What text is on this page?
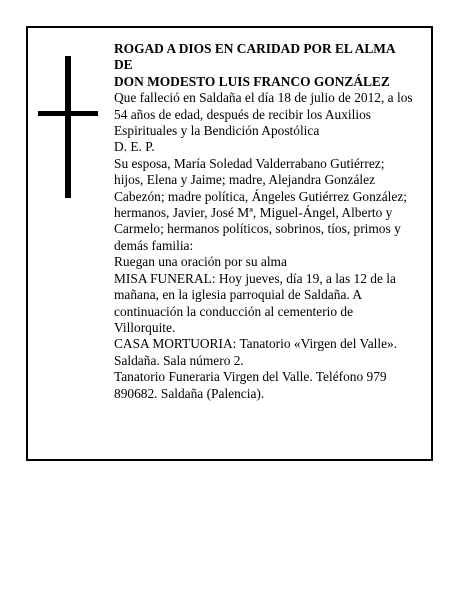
ROGAD A DIOS EN CARIDAD POR EL ALMA DE

DON MODESTO LUIS FRANCO GONZÁLEZ

Que falleció en Saldaña el día 18 de julio de 2012, a los 54 años de edad, después de recibir los Auxilios Espirituales y la Bendición Apostólica

D. E. P.

Su esposa, María Soledad Valderrabano Gutiérrez; hijos, Elena y Jaime; madre, Alejandra González Cabezón; madre política, Ángeles Gutiérrez González; hermanos, Javier, José Mª, Miguel-Ángel, Alberto y Carmelo; hermanos políticos, sobrinos, tíos, primos y demás familia:

Ruegan una oración por su alma

MISA FUNERAL: Hoy jueves, día 19, a las 12 de la mañana, en la iglesia parroquial de Saldaña. A continuación la conducción al cementerio de Villorquite.

CASA MORTUORIA: Tanatorio «Virgen del Valle». Saldaña. Sala número 2.

Tanatorio Funeraria Virgen del Valle. Teléfono 979 890682. Saldaña (Palencia).
